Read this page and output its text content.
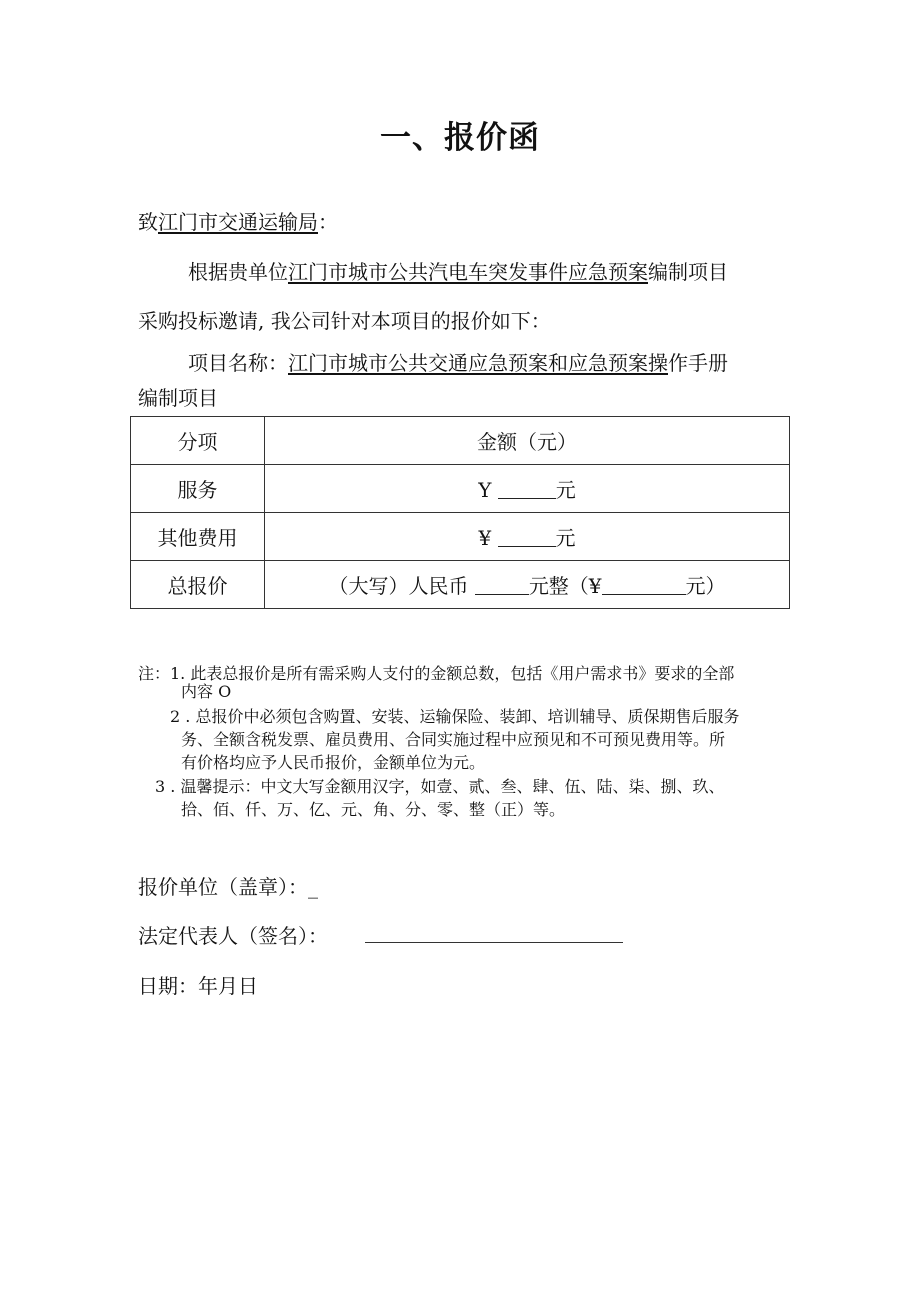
一、报价函
致江门市交通运输局：
根据贵单位江门市城市公共汽电车突发事件应急预案编制项目
采购投标邀请, 我公司针对本项目的报价如下：
项目名称：江门市城市公共交通应急预案和应急预案操作手册
编制项目
分项	金额（元）
服务	Y 元
其他费用	¥ 元
总报价	（大写）人民币 元整（¥ 元）
注：1. 此表总报价是所有需采购人支付的金额总数，包括《用户需求书》要求的全部
内容 O
2 . 总报价中必须包含购置、安装、运输保险、装卸、培训辅导、质保期售后服务
务、全额含税发票、雇员费用、合同实施过程中应预见和不可预见费用等。所
有价格均应予人民币报价，金额单位为元。
3 . 温馨提示：中文大写金额用汉字，如壹、贰、叁、肆、伍、陆、柒、捌、玖、
拾、佰、仟、万、亿、元、角、分、零、整（正）等。
报价单位（盖章）：_
法定代表人（签名）：
日期：年月日
